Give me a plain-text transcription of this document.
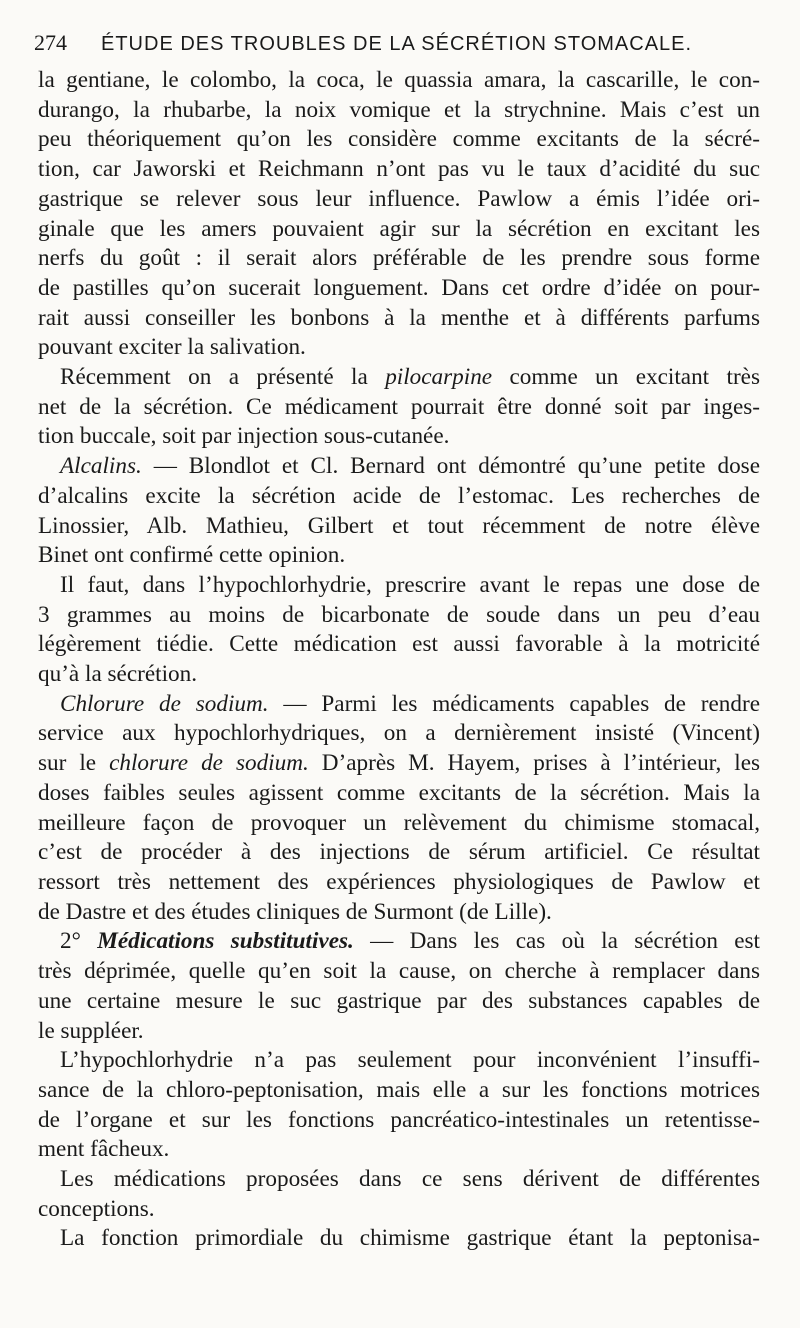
274 ÉTUDE DES TROUBLES DE LA SÉCRÉTION STOMACALE.
la gentiane, le colombo, la coca, le quassia amara, la cascarille, le con-
durango, la rhubarbe, la noix vomique et la strychnine. Mais c’est un
peu théoriquement qu’on les considère comme excitants de la sécré-
tion, car Jaworski et Reichmann n’ont pas vu le taux d’acidité du suc
gastrique se relever sous leur influence. Pawlow a émis l’idée ori-
ginale que les amers pouvaient agir sur la sécrétion en excitant les
nerfs du goût : il serait alors préférable de les prendre sous forme
de pastilles qu’on sucerait longuement. Dans cet ordre d’idée on pour-
rait aussi conseiller les bonbons à la menthe et à différents parfums
pouvant exciter la salivation.
Récemment on a présenté la pilocarpine comme un excitant très
net de la sécrétion. Ce médicament pourrait être donné soit par inges-
tion buccale, soit par injection sous-cutanée.
Alcalins. — Blondlot et Cl. Bernard ont démontré qu’une petite dose
d’alcalins excite la sécrétion acide de l’estomac. Les recherches de
Linossier, Alb. Mathieu, Gilbert et tout récemment de notre élève
Binet ont confirmé cette opinion.
Il faut, dans l’hypochlorhydrie, prescrire avant le repas une dose de
3 grammes au moins de bicarbonate de soude dans un peu d’eau
légèrement tiédie. Cette médication est aussi favorable à la motricité
qu’à la sécrétion.
Chlorure de sodium. — Parmi les médicaments capables de rendre
service aux hypochlorhydriques, on a dernièrement insisté (Vincent)
sur le chlorure de sodium. D’après M. Hayem, prises à l’intérieur, les
doses faibles seules agissent comme excitants de la sécrétion. Mais la
meilleure façon de provoquer un relèvement du chimisme stomacal,
c’est de procéder à des injections de sérum artificiel. Ce résultat
ressort très nettement des expériences physiologiques de Pawlow et
de Dastre et des études cliniques de Surmont (de Lille).
2° Médications substitutives. — Dans les cas où la sécrétion est
très déprimée, quelle qu’en soit la cause, on cherche à remplacer dans
une certaine mesure le suc gastrique par des substances capables de
le suppléer.
L’hypochlorhydrie n’a pas seulement pour inconvénient l’insuffi-
sance de la chloro-peptonisation, mais elle a sur les fonctions motrices
de l’organe et sur les fonctions pancréatico-intestinales un retentisse-
ment fâcheux.
Les médications proposées dans ce sens dérivent de différentes
conceptions.
La fonction primordiale du chimisme gastrique étant la peptonisa-
